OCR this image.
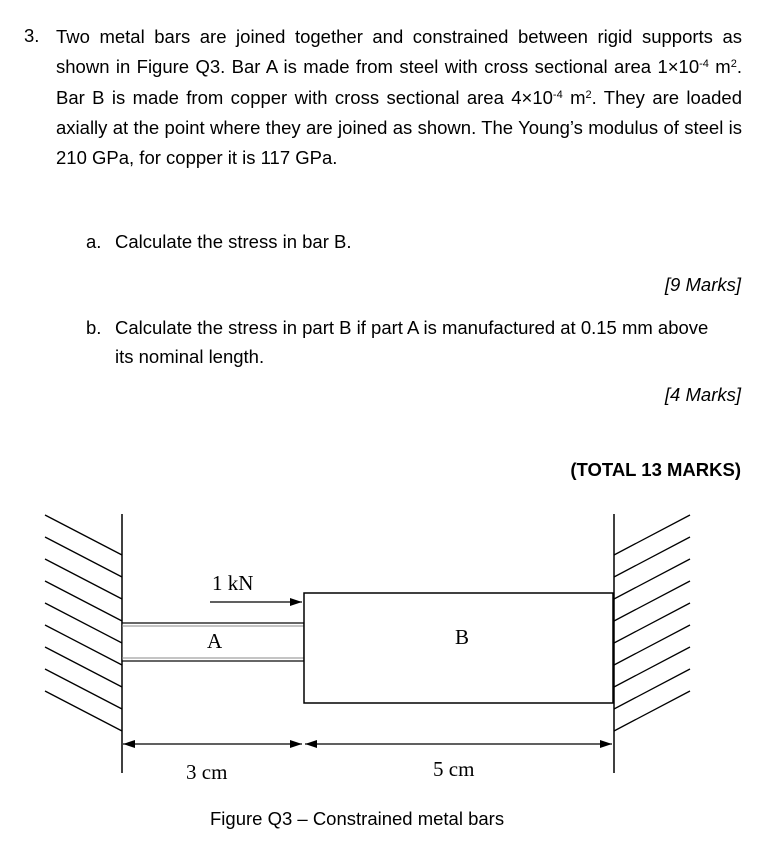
3. Two metal bars are joined together and constrained between rigid supports as shown in Figure Q3. Bar A is made from steel with cross sectional area $1\times 10^{-4}$ $m^2$. Bar B is made from copper with cross sectional area $4\times 10^{-4}$ $m^2$. They are loaded axially at the point where they are joined as shown. The Young’s modulus of steel is 210 GPa, for copper it is 117 GPa.
a. Calculate the stress in bar B.
[9 Marks]
b. Calculate the stress in part B if part A is manufactured at 0.15 mm above
its nominal length.
[4 Marks]
(TOTAL 13 MARKS)
1 kN
A	B
3 cm	5 cm
Figure Q3 – Constrained metal bars
